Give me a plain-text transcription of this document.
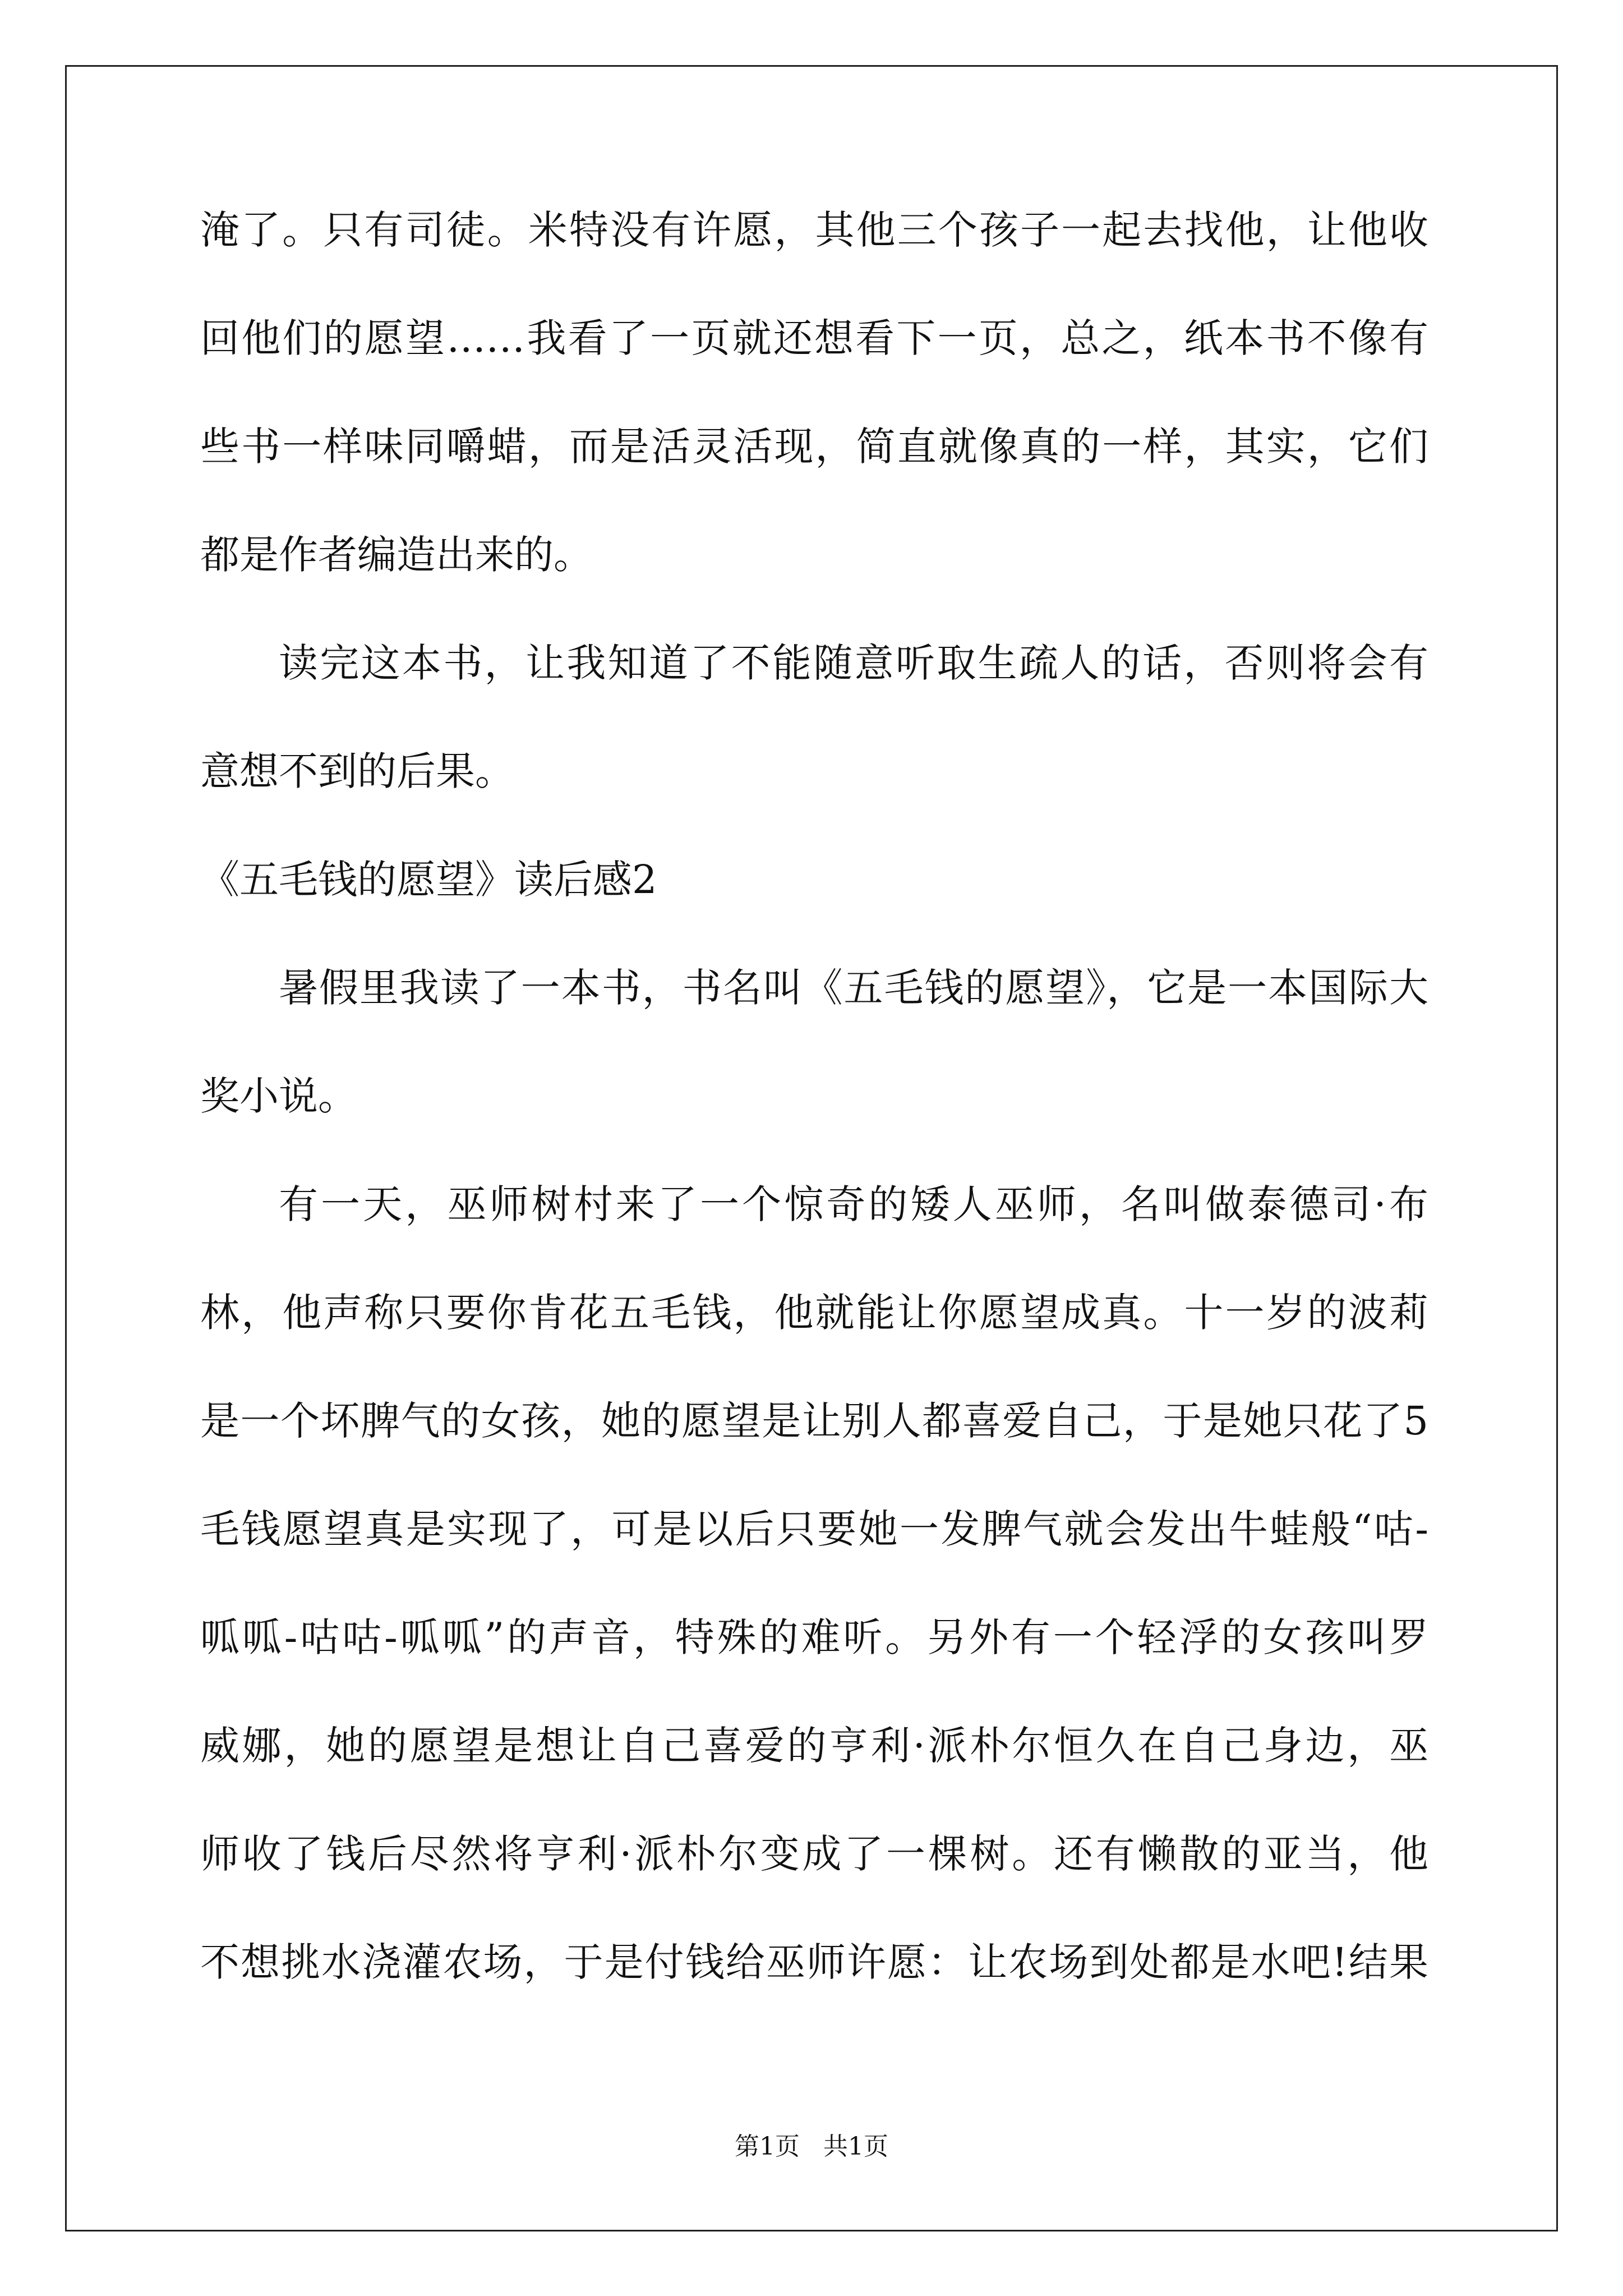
淹了。只有司徒。米特没有许愿，其他三个孩子一起去找他，让他收
回他们的愿望……我看了一页就还想看下一页，总之，纸本书不像有
些书一样味同嚼蜡，而是活灵活现，简直就像真的一样，其实，它们
都是作者编造出来的。
读完这本书，让我知道了不能随意听取生疏人的话，否则将会有
意想不到的后果。
《五毛钱的愿望》读后感2
暑假里我读了一本书，书名叫《五毛钱的愿望》，它是一本国际大
奖小说。
有一天，巫师树村来了一个惊奇的矮人巫师，名叫做泰德司·布
林，他声称只要你肯花五毛钱，他就能让你愿望成真。十一岁的波莉
是一个坏脾气的女孩，她的愿望是让别人都喜爱自己，于是她只花了5
毛钱愿望真是实现了，可是以后只要她一发脾气就会发出牛蛙般“咕-
呱呱-咕咕-呱呱”的声音，特殊的难听。另外有一个轻浮的女孩叫罗
威娜，她的愿望是想让自己喜爱的亨利·派朴尔恒久在自己身边，巫
师收了钱后尽然将亨利·派朴尔变成了一棵树。还有懒散的亚当，他
不想挑水浇灌农场，于是付钱给巫师许愿：让农场到处都是水吧!结果
第1页   共1页
